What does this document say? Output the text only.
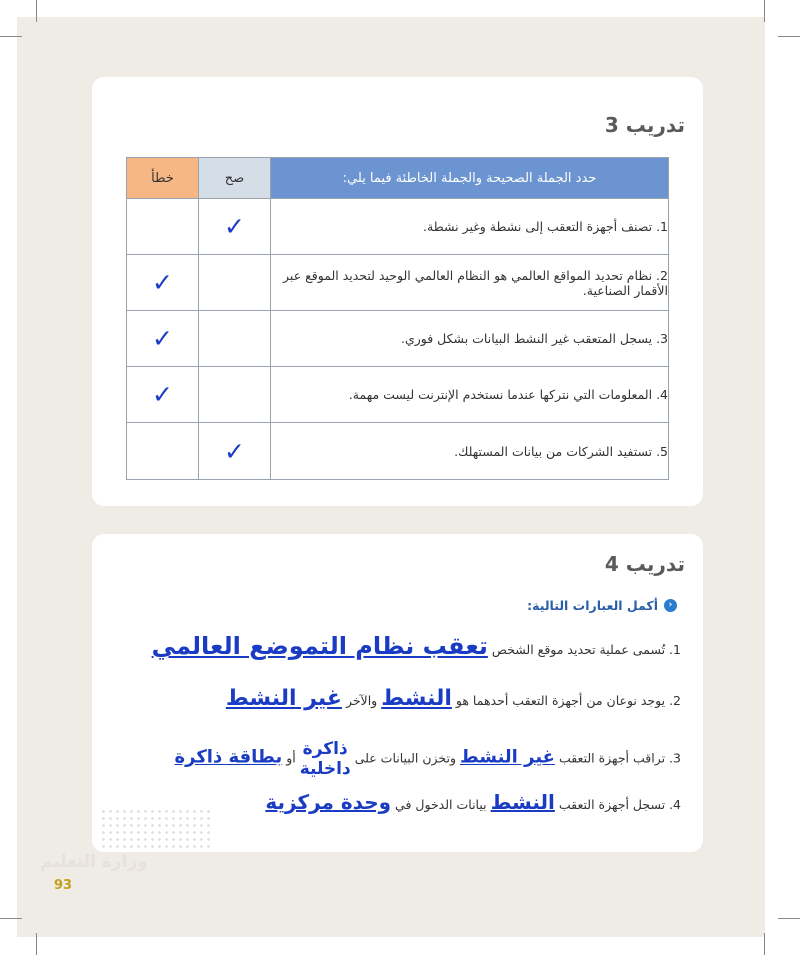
تدريب 3
حدد الجملة الصحيحة والجملة الخاطئة فيما يلي:	صح	خطأ
1. تصنف أجهزة التعقب إلى نشطة وغير نشطة.	✓	
2. نظام تحديد المواقع العالمي هو النظام العالمي الوحيد لتحديد الموقع عبر الأقمار الصناعية.		✓
3. يسجل المتعقب غير النشط البيانات بشكل فوري.		✓
4. المعلومات التي نتركها عندما نستخدم الإنترنت ليست مهمة.		✓
5. تستفيد الشركات من بيانات المستهلك.	✓	
تدريب 4
‹
أكمل العبارات التالية:
1. تُسمى عملية تحديد موقع الشخص تعقب نظام التموضع العالمي
2. يوجد نوعان من أجهزة التعقب أحدهما هو النشط والآخر غير النشط
3. تراقب أجهزة التعقب غير النشط وتخزن البيانات على
ذاكرة
داخلية
أو بطاقة ذاكرة
4. تسجل أجهزة التعقب النشط بيانات الدخول في وحدة مركزية
وزارة التعليم
93
